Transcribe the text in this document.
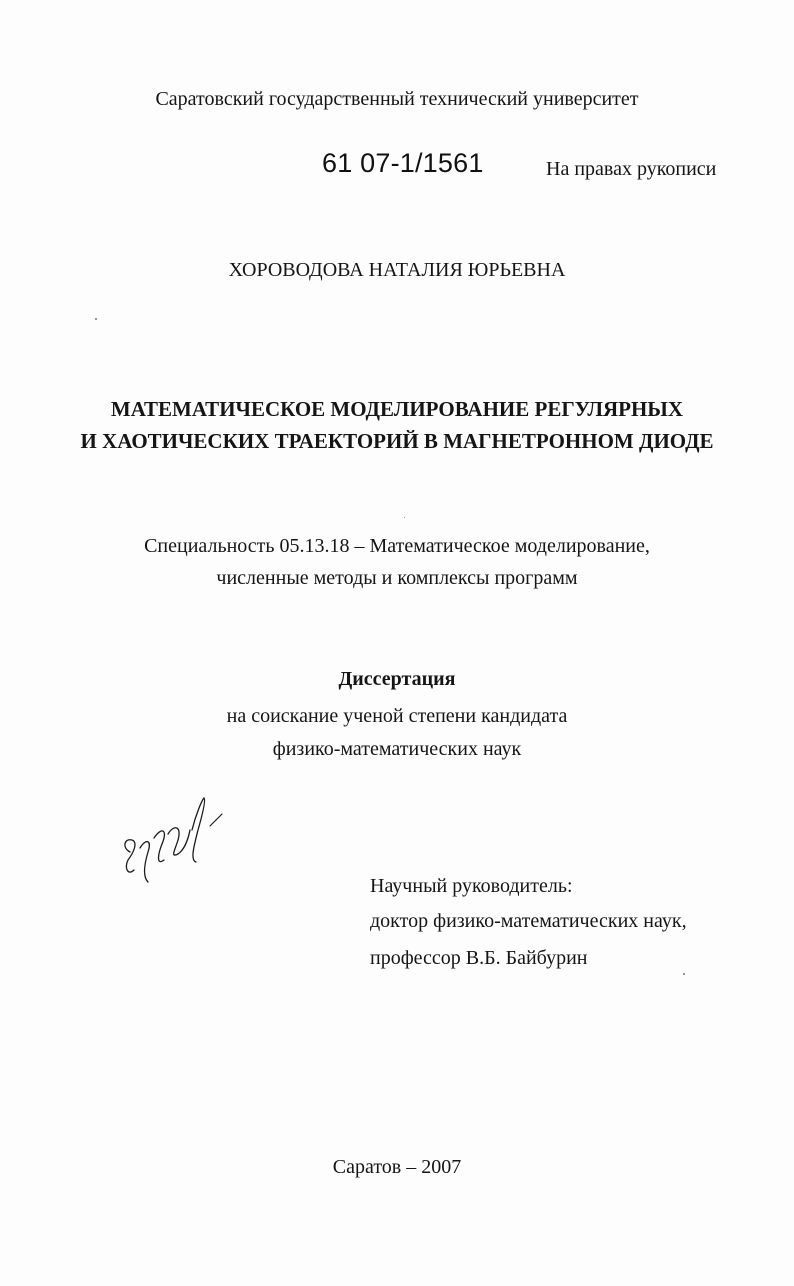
Саратовский государственный технический университет
61 07-1/1561	На правах рукописи
ХОРОВОДОВА НАТАЛИЯ ЮРЬЕВНА
МАТЕМАТИЧЕСКОЕ МОДЕЛИРОВАНИЕ РЕГУЛЯРНЫХ
И ХАОТИЧЕСКИХ ТРАЕКТОРИЙ В МАГНЕТРОННОМ ДИОДЕ
Специальность 05.13.18 – Математическое моделирование,
численные методы и комплексы программ
Диссертация
на соискание ученой степени кандидата
физико-математических наук
Научный руководитель:
доктор физико-математических наук,
профессор В.Б. Байбурин
Саратов – 2007
